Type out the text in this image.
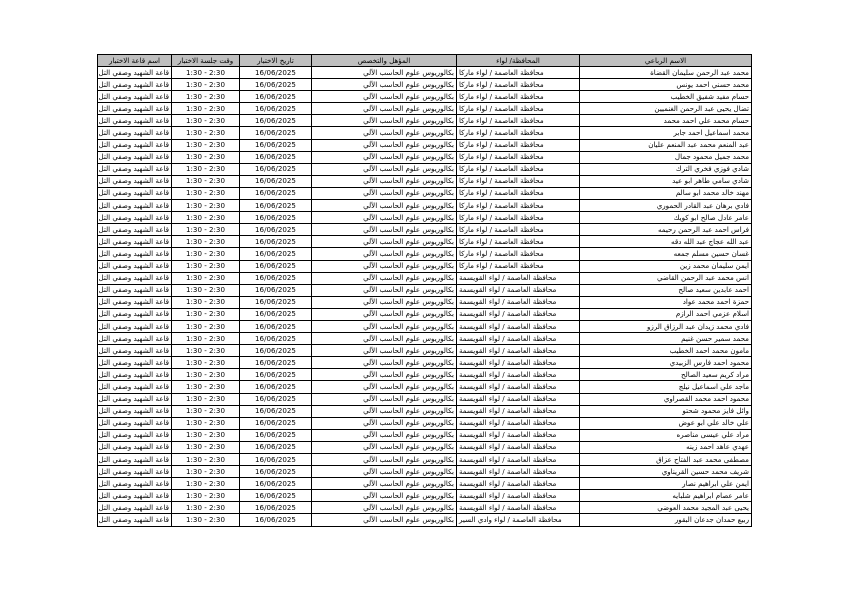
الاسم الرباعي	المحافظة/ لواء	المؤهل والتخصص	تاريخ الاختبار	وقت جلسة الاختبار	اسم قاعة الاختبار
محمد عبد الرحمن سليمان القضاة	محافظة العاصمة / لواء ماركا	بكالوريوس علوم الحاسب الآلي	16/06/2025	1:30 - 2:30	قاعة الشهيد وصفي التل
محمد حسني احمد يونس	محافظة العاصمة / لواء ماركا	بكالوريوس علوم الحاسب الآلي	16/06/2025	1:30 - 2:30	قاعة الشهيد وصفي التل
حسام مفيد شفيق الخطيب	محافظة العاصمة / لواء ماركا	بكالوريوس علوم الحاسب الآلي	16/06/2025	1:30 - 2:30	قاعة الشهيد وصفي التل
تضال يحيى عبد الرحمن الغنميين	محافظة العاصمة / لواء ماركا	بكالوريوس علوم الحاسب الآلي	16/06/2025	1:30 - 2:30	قاعة الشهيد وصفي التل
حسام محمد علي احمد محمد	محافظة العاصمة / لواء ماركا	بكالوريوس علوم الحاسب الآلي	16/06/2025	1:30 - 2:30	قاعة الشهيد وصفي التل
محمد اسماعيل احمد جابر	محافظة العاصمة / لواء ماركا	بكالوريوس علوم الحاسب الآلي	16/06/2025	1:30 - 2:30	قاعة الشهيد وصفي التل
عبد المنعم محمد عبد المنعم عليان	محافظة العاصمة / لواء ماركا	بكالوريوس علوم الحاسب الآلي	16/06/2025	1:30 - 2:30	قاعة الشهيد وصفي التل
محمد جميل محمود جمال	محافظة العاصمة / لواء ماركا	بكالوريوس علوم الحاسب الآلي	16/06/2025	1:30 - 2:30	قاعة الشهيد وصفي التل
شادي فوزي فخري الترك	محافظة العاصمة / لواء ماركا	بكالوريوس علوم الحاسب الآلي	16/06/2025	1:30 - 2:30	قاعة الشهيد وصفي التل
شادي سامي طاهر ابو عيد	محافظة العاصمة / لواء ماركا	بكالوريوس علوم الحاسب الآلي	16/06/2025	1:30 - 2:30	قاعة الشهيد وصفي التل
مهند خالد محمد ابو سالم	محافظة العاصمة / لواء ماركا	بكالوريوس علوم الحاسب الآلي	16/06/2025	1:30 - 2:30	قاعة الشهيد وصفي التل
فادي برهان عبد القادر الحموري	محافظة العاصمة / لواء ماركا	بكالوريوس علوم الحاسب الآلي	16/06/2025	1:30 - 2:30	قاعة الشهيد وصفي التل
عامر عادل صالح ابو كويك	محافظة العاصمة / لواء ماركا	بكالوريوس علوم الحاسب الآلي	16/06/2025	1:30 - 2:30	قاعة الشهيد وصفي التل
فراس احمد عبد الرحمن رحيمه	محافظة العاصمة / لواء ماركا	بكالوريوس علوم الحاسب الآلي	16/06/2025	1:30 - 2:30	قاعة الشهيد وصفي التل
عبد الله عجاج عبد الله دقه	محافظة العاصمة / لواء ماركا	بكالوريوس علوم الحاسب الآلي	16/06/2025	1:30 - 2:30	قاعة الشهيد وصفي التل
غسان حسين مسلم جمعه	محافظة العاصمة / لواء ماركا	بكالوريوس علوم الحاسب الآلي	16/06/2025	1:30 - 2:30	قاعة الشهيد وصفي التل
ايمن سليمان محمد زين	محافظة العاصمة / لواء ماركا	بكالوريوس علوم الحاسب الآلي	16/06/2025	1:30 - 2:30	قاعة الشهيد وصفي التل
انس محمد عبد الرحمن القاضي	محافظة العاصمة / لواء القويسمة	بكالوريوس علوم الحاسب الآلي	16/06/2025	1:30 - 2:30	قاعة الشهيد وصفي التل
احمد عابدين سعيد صالح	محافظة العاصمة / لواء القويسمة	بكالوريوس علوم الحاسب الآلي	16/06/2025	1:30 - 2:30	قاعة الشهيد وصفي التل
حمزة احمد محمد عواد	محافظة العاصمة / لواء القويسمة	بكالوريوس علوم الحاسب الآلي	16/06/2025	1:30 - 2:30	قاعة الشهيد وصفي التل
اسلام عزمي احمد الرازم	محافظة العاصمة / لواء القويسمة	بكالوريوس علوم الحاسب الآلي	16/06/2025	1:30 - 2:30	قاعة الشهيد وصفي التل
فادي محمد زيدان عبد الرزاق الرزو	محافظة العاصمة / لواء القويسمة	بكالوريوس علوم الحاسب الآلي	16/06/2025	1:30 - 2:30	قاعة الشهيد وصفي التل
محمد سمير حسن غنيم	محافظة العاصمة / لواء القويسمة	بكالوريوس علوم الحاسب الآلي	16/06/2025	1:30 - 2:30	قاعة الشهيد وصفي التل
مامون محمد احمد الخطيب	محافظة العاصمة / لواء القويسمة	بكالوريوس علوم الحاسب الآلي	16/06/2025	1:30 - 2:30	قاعة الشهيد وصفي التل
محمود احمد فارس الزبيدي	محافظة العاصمة / لواء القويسمة	بكالوريوس علوم الحاسب الآلي	16/06/2025	1:30 - 2:30	قاعة الشهيد وصفي التل
مراد كريم سعيد الصالح	محافظة العاصمة / لواء القويسمة	بكالوريوس علوم الحاسب الآلي	16/06/2025	1:30 - 2:30	قاعة الشهيد وصفي التل
ماجد علي اسماعيل نيلج	محافظة العاصمة / لواء القويسمة	بكالوريوس علوم الحاسب الآلي	16/06/2025	1:30 - 2:30	قاعة الشهيد وصفي التل
محمود احمد محمد القصراوي	محافظة العاصمة / لواء القويسمة	بكالوريوس علوم الحاسب الآلي	16/06/2025	1:30 - 2:30	قاعة الشهيد وصفي التل
وائل فايز محمود شحتو	محافظة العاصمة / لواء القويسمة	بكالوريوس علوم الحاسب الآلي	16/06/2025	1:30 - 2:30	قاعة الشهيد وصفي التل
علي خالد علي ابو عوض	محافظة العاصمة / لواء القويسمة	بكالوريوس علوم الحاسب الآلي	16/06/2025	1:30 - 2:30	قاعة الشهيد وصفي التل
مراد علي عيسى مناصره	محافظة العاصمة / لواء القويسمة	بكالوريوس علوم الحاسب الآلي	16/06/2025	1:30 - 2:30	قاعة الشهيد وصفي التل
عهدي عاهد احمد زينه	محافظة العاصمة / لواء القويسمة	بكالوريوس علوم الحاسب الآلي	16/06/2025	1:30 - 2:30	قاعة الشهيد وصفي التل
مصطفى محمد عبد الفتاح عزاق	محافظة العاصمة / لواء القويسمة	بكالوريوس علوم الحاسب الآلي	16/06/2025	1:30 - 2:30	قاعة الشهيد وصفي التل
شريف محمد حسين القريناوي	محافظة العاصمة / لواء القويسمة	بكالوريوس علوم الحاسب الآلي	16/06/2025	1:30 - 2:30	قاعة الشهيد وصفي التل
ايمن علي ابراهيم نصار	محافظة العاصمة / لواء القويسمة	بكالوريوس علوم الحاسب الآلي	16/06/2025	1:30 - 2:30	قاعة الشهيد وصفي التل
عامر عصام ابراهيم شلبايه	محافظة العاصمة / لواء القويسمة	بكالوريوس علوم الحاسب الآلي	16/06/2025	1:30 - 2:30	قاعة الشهيد وصفي التل
يحيى عبد المجيد محمد العوضي	محافظة العاصمة / لواء القويسمة	بكالوريوس علوم الحاسب الآلي	16/06/2025	1:30 - 2:30	قاعة الشهيد وصفي التل
ربيع حمدان جدعان البقور	محافظة العاصمة / لواء وادي السير	بكالوريوس علوم الحاسب الآلي	16/06/2025	1:30 - 2:30	قاعة الشهيد وصفي التل
